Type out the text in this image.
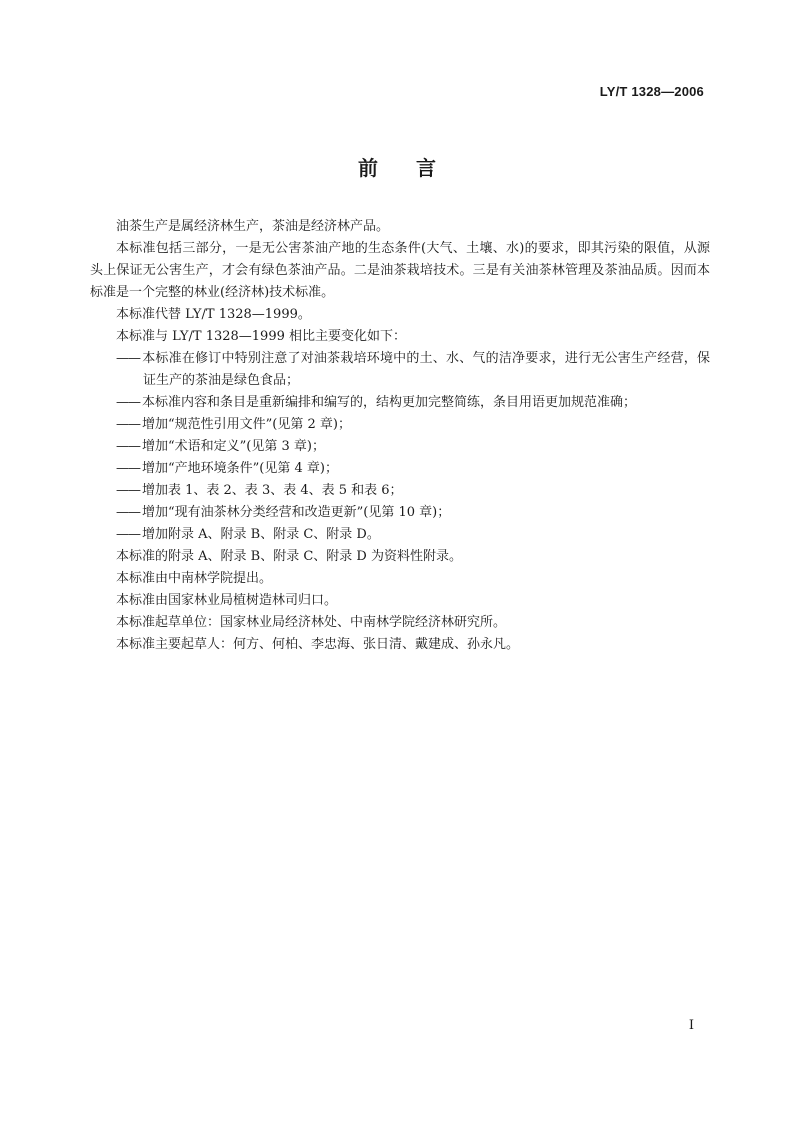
LY/T 1328—2006
前 言

油茶生产是属经济林生产，茶油是经济林产品。

本标准包括三部分，一是无公害茶油产地的生态条件(大气、土壤、水)的要求，即其污染的限值，从源头上保证无公害生产，才会有绿色茶油产品。二是油茶栽培技术。三是有关油茶林管理及茶油品质。因而本标准是一个完整的林业(经济林)技术标准。

本标准代替 LY/T 1328—1999。

本标准与 LY/T 1328—1999 相比主要变化如下：

—— 本标准在修订中特别注意了对油茶栽培环境中的土、水、气的洁净要求，进行无公害生产经营，保证生产的茶油是绿色食品；

—— 本标准内容和条目是重新编排和编写的，结构更加完整简练，条目用语更加规范准确；

—— 增加“规范性引用文件”(见第 2 章)；

—— 增加“术语和定义”(见第 3 章)；

—— 增加“产地环境条件”(见第 4 章)；

—— 增加表 1、表 2、表 3、表 4、表 5 和表 6；

—— 增加“现有油茶林分类经营和改造更新”(见第 10 章)；

—— 增加附录 A、附录 B、附录 C、附录 D。

本标准的附录 A、附录 B、附录 C、附录 D 为资料性附录。

本标准由中南林学院提出。

本标准由国家林业局植树造林司归口。

本标准起草单位：国家林业局经济林处、中南林学院经济林研究所。

本标准主要起草人：何方、何柏、李忠海、张日清、戴建成、孙永凡。

I
